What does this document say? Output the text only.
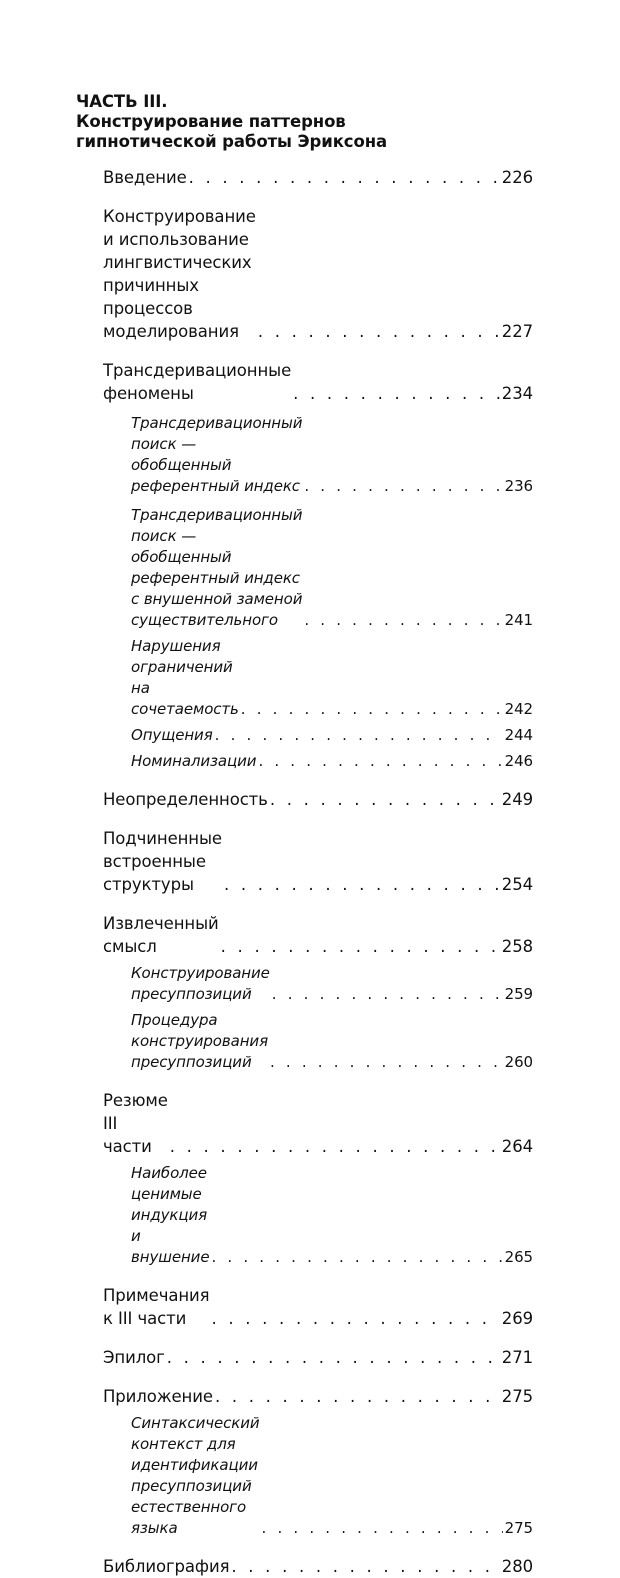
ЧАСТЬ III.
Конструирование паттернов
гипнотической работы Эриксона
Введение . . .	226
Конструирование и использование
лингвистических причинных процессов
моделирования . . .	227
Трансдеривационные феномены . . .	234
Трансдеривационный поиск —
обобщенный референтный индекс . . .	236
Трансдеривационный поиск —
обобщенный референтный индекс
с внушенной заменой существительного . . .	241
Нарушения ограничений на сочетаемость . . .	242
Опущения . . .	244
Номинализации . . .	246
Неопределенность . . .	249
Подчиненные встроенные структуры . . .	254
Извлеченный смысл . . .	258
Конструирование пресуппозиций . . .	259
Процедура конструирования пресуппозиций . . .	260
Резюме III части . . .	264
Наиболее ценимые индукция и внушение . . .	265
Примечания к III части . . .	269
Эпилог . . .	271
Приложение . . .	275
Синтаксический контекст для идентификации
пресуппозиций естественного языка . . .	275
Библиография . . .	280
